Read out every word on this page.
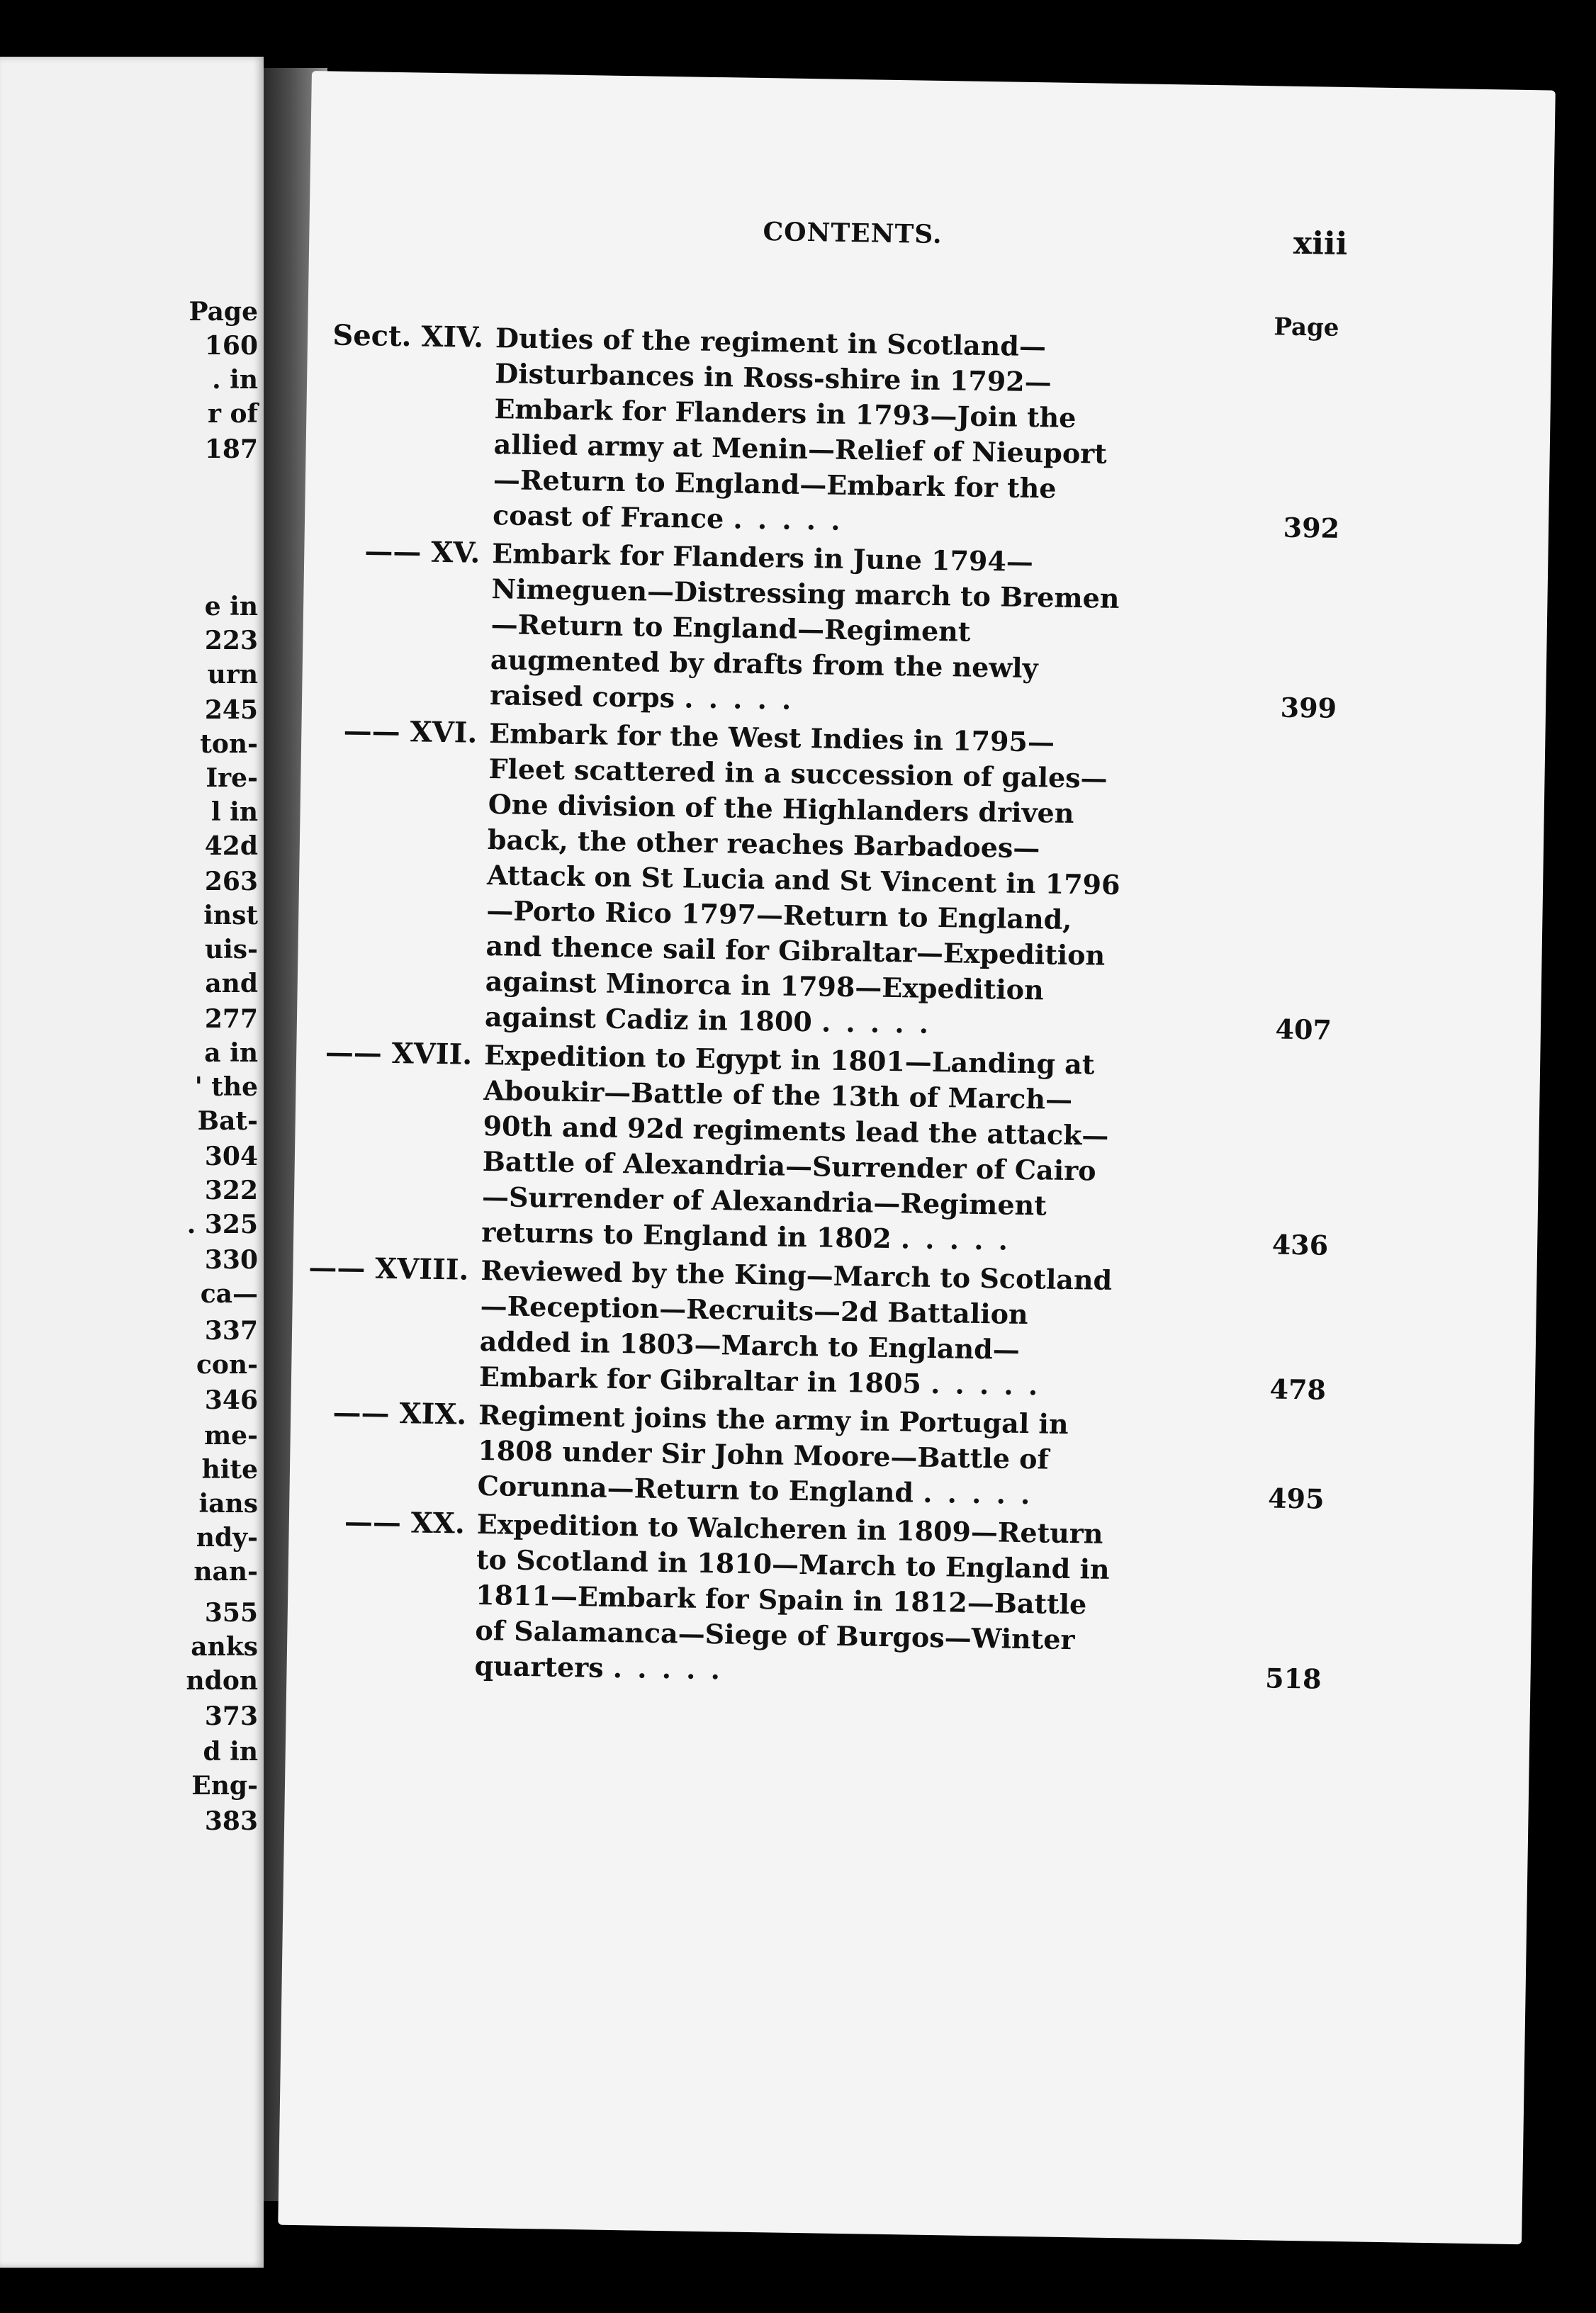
Page
160
. in
r of
187
e in
223
urn
245
ton-
Ire-
l in
42d
263
inst
uis-
and
277
a in
' the
Bat-
304
322
. 325
330
ca—
337
con-
346
me-
hite
ians
ndy-
nan-
355
anks
ndon
373
d in
Eng-
383
CONTENTS.	xiii
Page
Sect. XIV. Duties of the regiment in Scotland—Disturbances in Ross-shire in 1792—Embark for Flanders in 1793—Join the allied army at Menin—Relief of Nieuport—Return to England—Embark for the coast of France . . . . .	392
—— XV. Embark for Flanders in June 1794—Nimeguen—Distressing march to Bremen—Return to England—Regiment augmented by drafts from the newly raised corps . . . . .	399
—— XVI. Embark for the West Indies in 1795—Fleet scattered in a succession of gales—One division of the Highlanders driven back, the other reaches Barbadoes—Attack on St Lucia and St Vincent in 1796—Porto Rico 1797—Return to England, and thence sail for Gibraltar—Expedition against Minorca in 1798—Expedition against Cadiz in 1800 . . . . .	407
—— XVII. Expedition to Egypt in 1801—Landing at Aboukir—Battle of the 13th of March—90th and 92d regiments lead the attack—Battle of Alexandria—Surrender of Cairo—Surrender of Alexandria—Regiment returns to England in 1802 . . . . .	436
—— XVIII. Reviewed by the King—March to Scotland—Reception—Recruits—2d Battalion added in 1803—March to England—Embark for Gibraltar in 1805 . . . . .	478
—— XIX. Regiment joins the army in Portugal in 1808 under Sir John Moore—Battle of Corunna—Return to England . . . . .	495
—— XX. Expedition to Walcheren in 1809—Return to Scotland in 1810—March to England in 1811—Embark for Spain in 1812—Battle of Salamanca—Siege of Burgos—Winter quarters . . . . .	518
